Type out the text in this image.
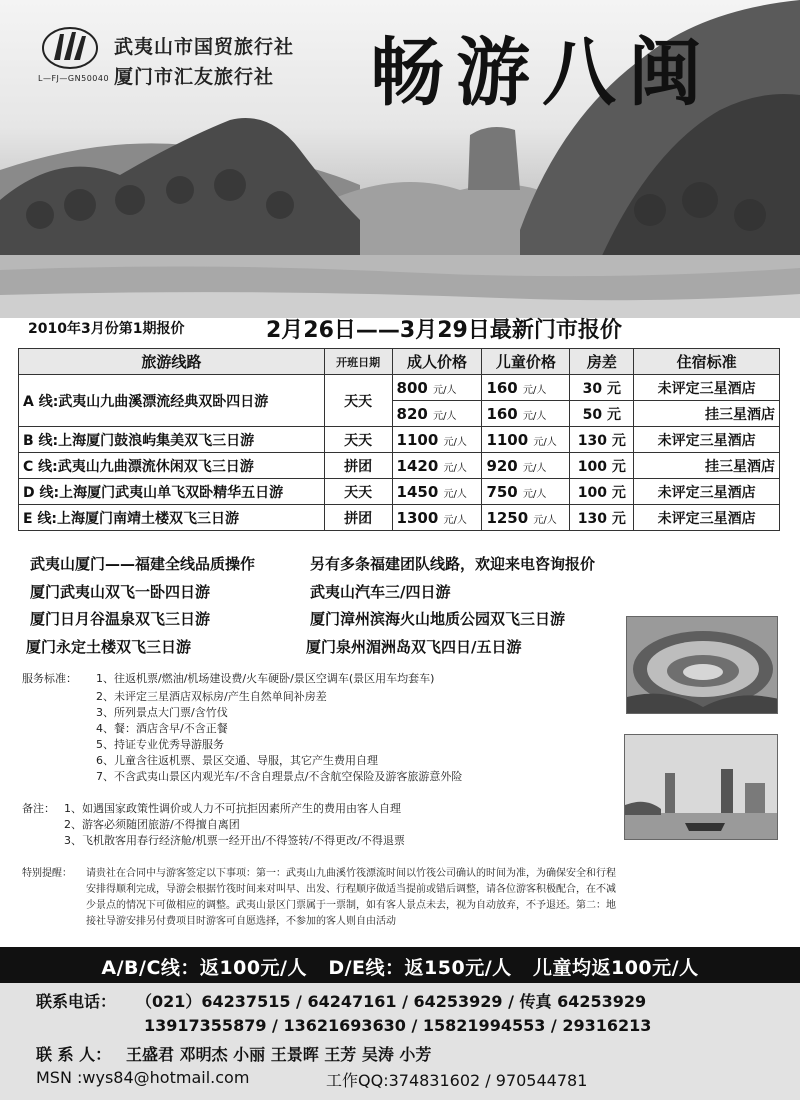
L—FJ—GN50040
武夷山市国贸旅行社
厦门市汇友旅行社 畅游八闽
2010年3月份第1期报价	2月26日——3月29日最新门市报价
旅游线路	开班日期	成人价格	儿童价格	房差	住宿标准
A 线:武夷山九曲溪漂流经典双卧四日游	天天	800 元/人	160 元/人	30 元	未评定三星酒店
		820 元/人	160 元/人	50 元	挂三星酒店
B 线:上海厦门鼓浪屿集美双飞三日游	天天	1100 元/人	1100 元/人	130 元	未评定三星酒店
C 线:武夷山九曲漂流休闲双飞三日游	拼团	1420 元/人	920 元/人	100 元	挂三星酒店
D 线:上海厦门武夷山单飞双卧精华五日游	天天	1450 元/人	750 元/人	100 元	未评定三星酒店
E 线:上海厦门南靖土楼双飞三日游	拼团	1300 元/人	1250 元/人	130 元	未评定三星酒店
武夷山厦门——福建全线品质操作	另有多条福建团队线路，欢迎来电咨询报价
厦门武夷山双飞一卧四日游	武夷山汽车三/四日游
厦门日月谷温泉双飞三日游	厦门漳州滨海火山地质公园双飞三日游
厦门永定土楼双飞三日游	厦门泉州湄洲岛双飞四日/五日游
服务标准： 1、往返机票/燃油/机场建设费/火车硬卧/景区空调车(景区用车均套车)
2、未评定三星酒店双标房/产生自然单间补房差
3、所列景点大门票/含竹伐
4、餐：酒店含早/不含正餐
5、持证专业优秀导游服务
6、儿童含往返机票、景区交通、导服，其它产生费用自理
7、不含武夷山景区内观光车/不含自理景点/不含航空保险及游客旅游意外险
备注： 1、如遇国家政策性调价或人力不可抗拒因素所产生的费用由客人自理
2、游客必须随团旅游/不得擅自离团
3、飞机散客用春行经济舱/机票一经开出/不得签转/不得更改/不得退票
特别提醒： 请贵社在合同中与游客签定以下事项：第一：武夷山九曲溪竹筏漂流时间以竹筏公司确认的时间为准，为确保安全和行程
安排得顺利完成，导游会根据竹筏时间来对叫早、出发、行程顺序做适当提前或错后调整，请各位游客积极配合，在不减
少景点的情况下可做相应的调整。武夷山景区门票属于一票制，如有客人景点未去，视为自动放弃，不予退还。第二：地
接社导游安排另付费项目时游客可自愿选择，不参加的客人则自由活动
A/B/C线：返100元/人   D/E线：返150元/人   儿童均返100元/人
联系电话： （021）64237515 / 64247161 / 64253929 / 传真 64253929
13917355879 / 13621693630 / 15821994553 / 29316213
联 系 人： 王盛君 邓明杰 小丽 王景晖 王芳 吴涛 小芳
MSN :wys84@hotmail.com	工作QQ:374831602 / 970544781
